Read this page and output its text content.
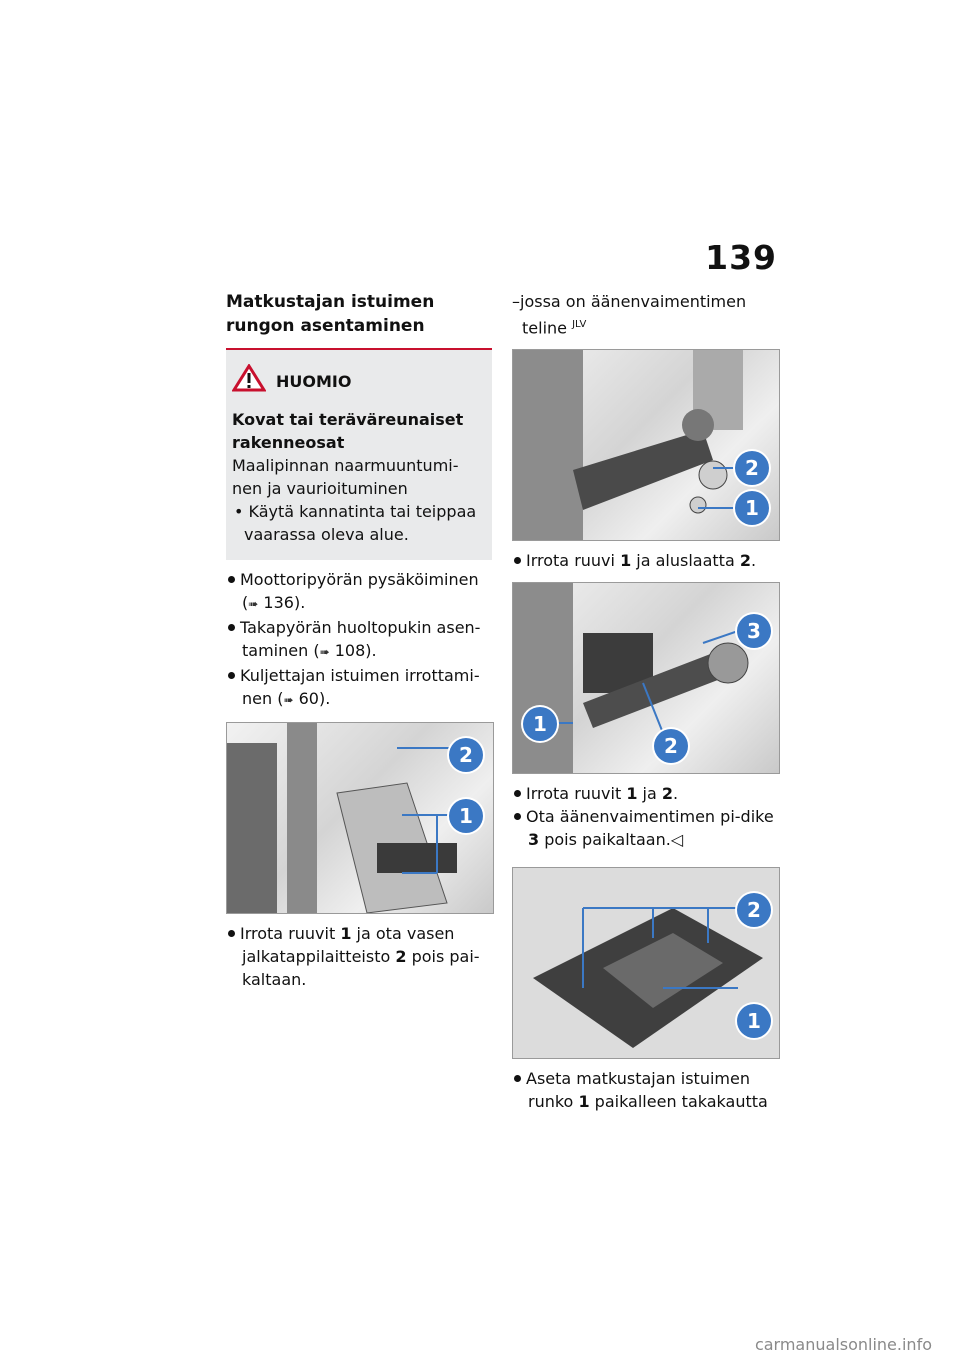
139
Matkustajan istuimen rungon asentaminen
HUOMIO
Kovat tai teräväreunaiset rakenneosat
Maalipinnan naarmuuntumi-nen ja vaurioituminen
• Käytä kannatinta tai teippaa vaarassa oleva alue.
Moottoripyörän pysäköiminen (➠ 136).
Takapyörän huoltopukin asen-taminen (➠ 108).
Kuljettajan istuimen irrottami-nen (➠ 60).
2
1
Irrota ruuvit 1 ja ota vasen jalkatappilaitteisto 2 pois pai-kaltaan.
–jossa on äänenvaimentimen teline $^{JLV}$
2
1
Irrota ruuvi 1 ja aluslaatta 2.
3
1
2
Irrota ruuvit 1 ja 2.
Ota äänenvaimentimen pi-dike 3 pois paikaltaan.◁
2
1
Aseta matkustajan istuimen runko 1 paikalleen takakautta
carmanualsonline.info
